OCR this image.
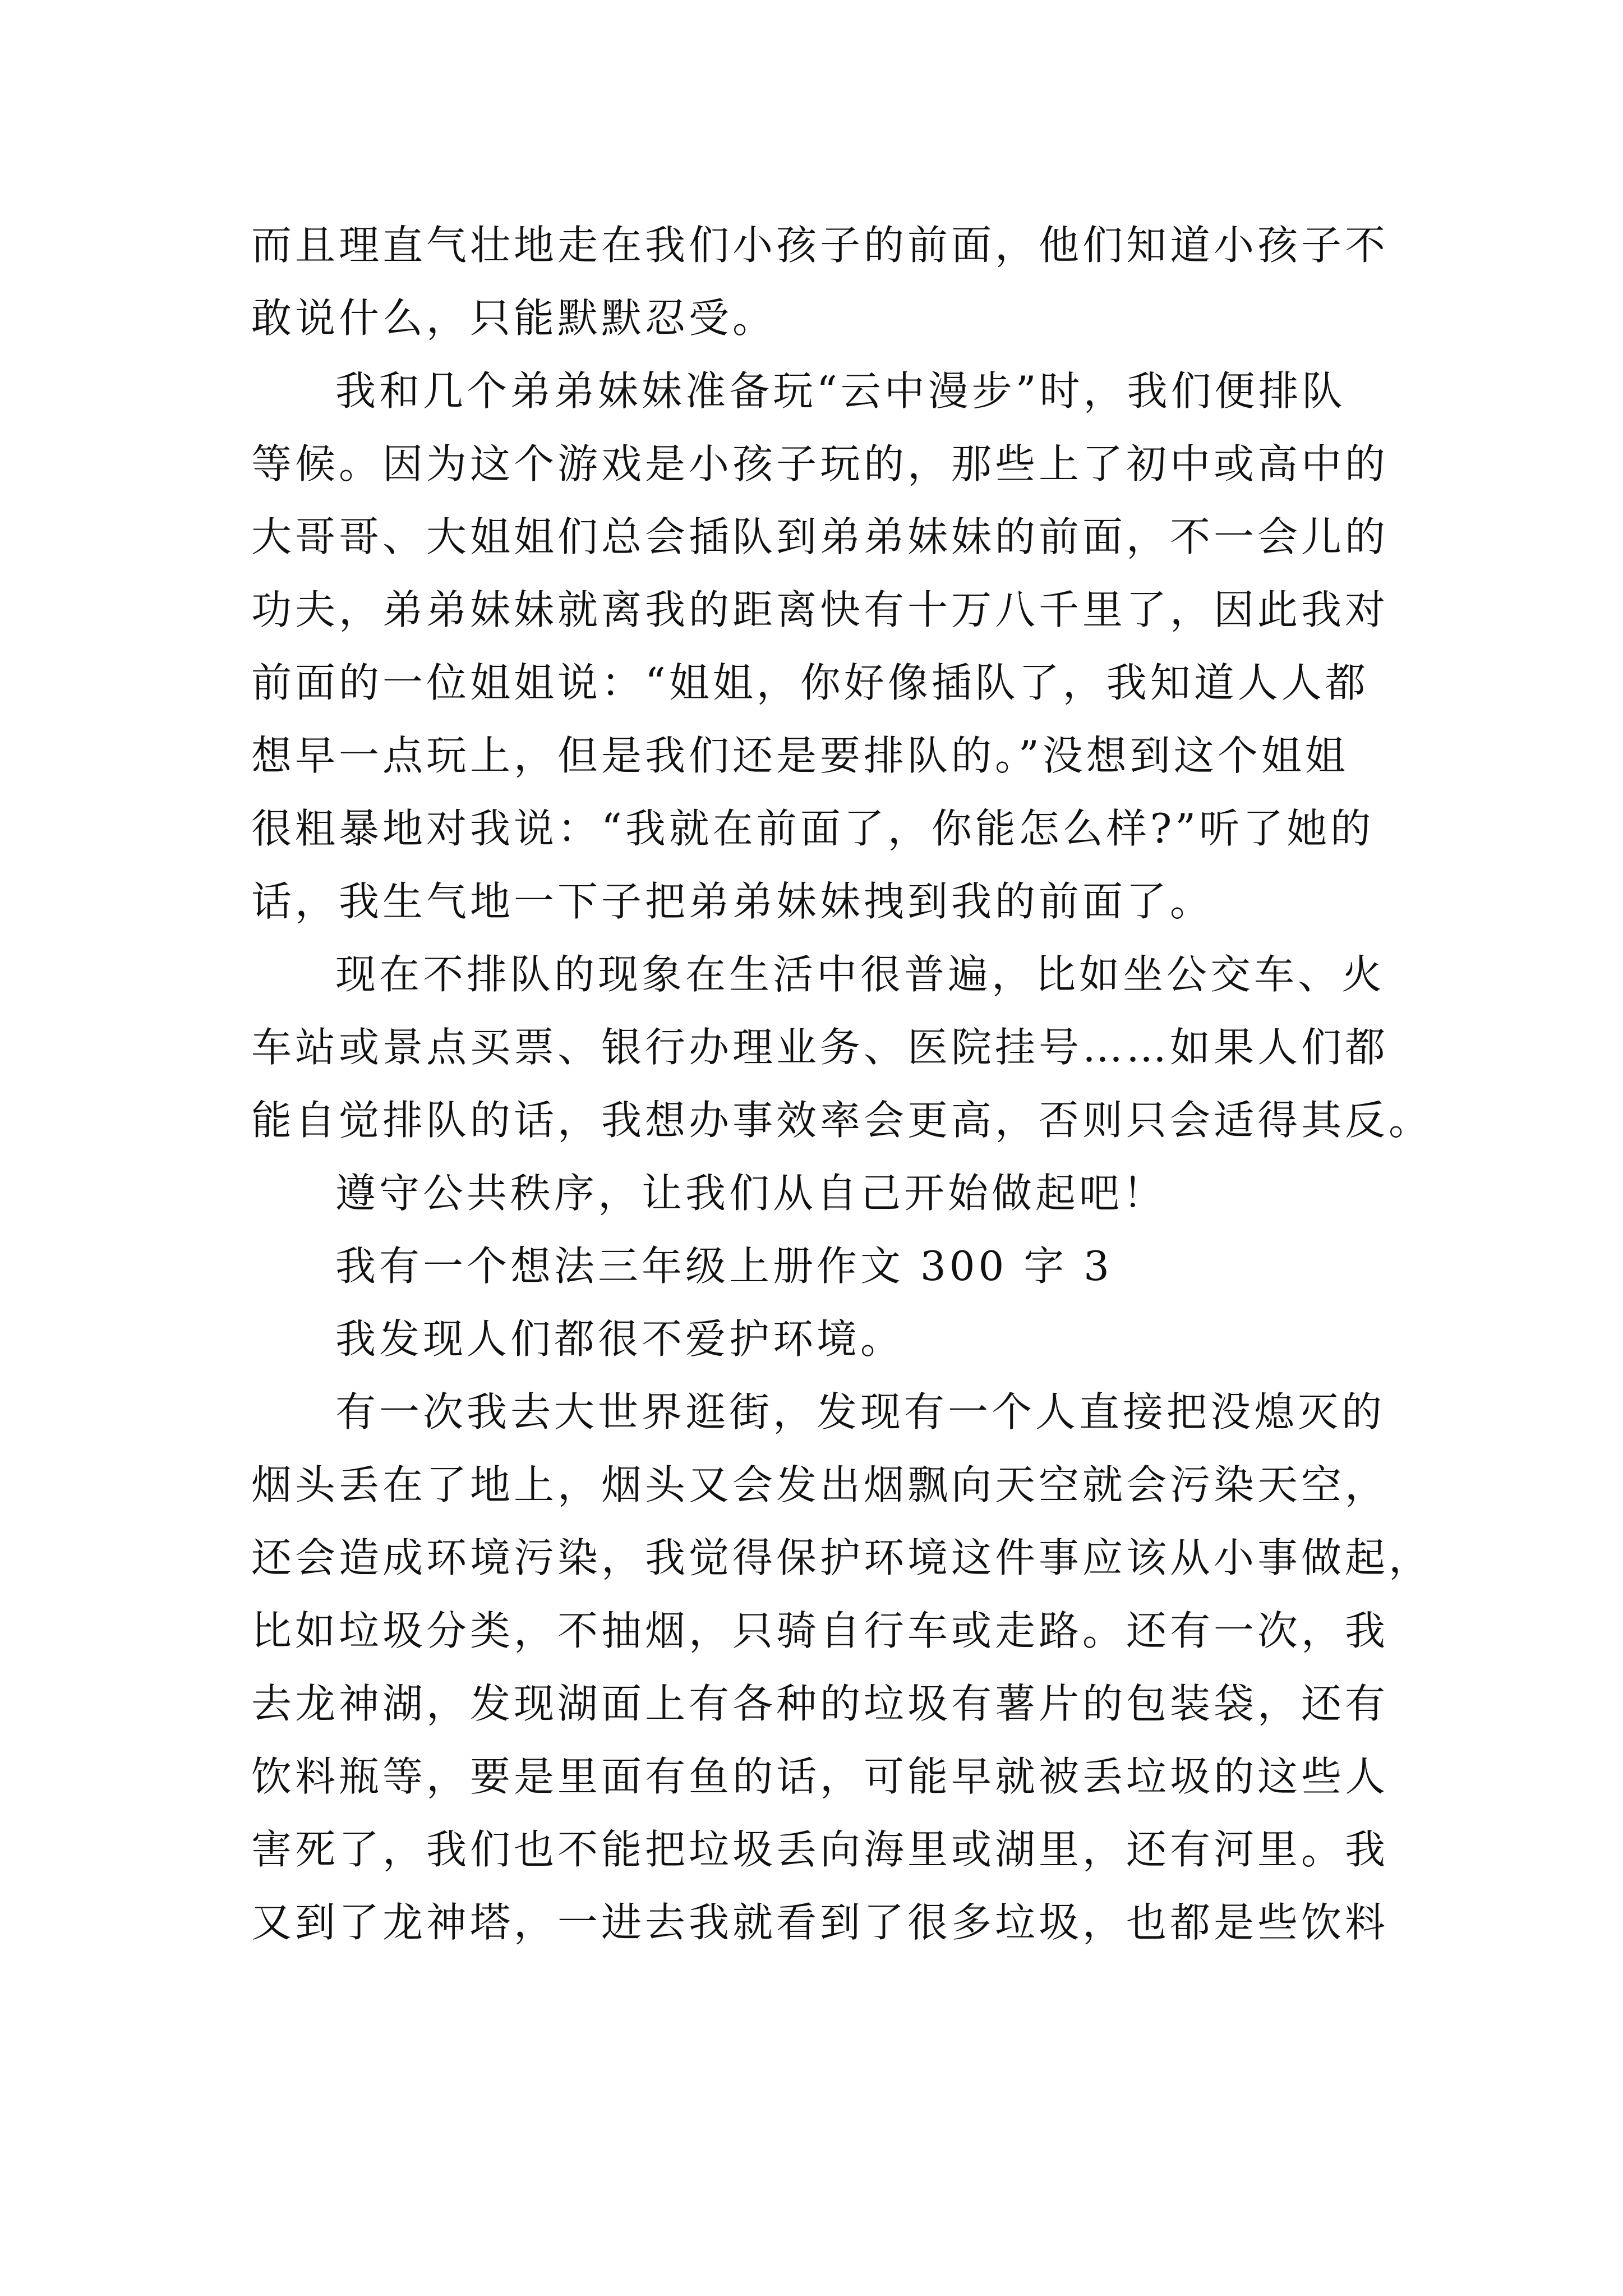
而且理直气壮地走在我们小孩子的前面，他们知道小孩子不
敢说什么，只能默默忍受。
我和几个弟弟妹妹准备玩“云中漫步”时，我们便排队
等候。因为这个游戏是小孩子玩的，那些上了初中或高中的
大哥哥、大姐姐们总会插队到弟弟妹妹的前面，不一会儿的
功夫，弟弟妹妹就离我的距离快有十万八千里了，因此我对
前面的一位姐姐说：“姐姐，你好像插队了，我知道人人都
想早一点玩上，但是我们还是要排队的。”没想到这个姐姐
很粗暴地对我说：“我就在前面了，你能怎么样?”听了她的
话，我生气地一下子把弟弟妹妹拽到我的前面了。
现在不排队的现象在生活中很普遍，比如坐公交车、火
车站或景点买票、银行办理业务、医院挂号……如果人们都
能自觉排队的话，我想办事效率会更高，否则只会适得其反。
遵守公共秩序，让我们从自己开始做起吧！
我有一个想法三年级上册作文 300 字 3
我发现人们都很不爱护环境。
有一次我去大世界逛街，发现有一个人直接把没熄灭的
烟头丢在了地上，烟头又会发出烟飘向天空就会污染天空，
还会造成环境污染，我觉得保护环境这件事应该从小事做起，
比如垃圾分类，不抽烟，只骑自行车或走路。还有一次，我
去龙神湖，发现湖面上有各种的垃圾有薯片的包装袋，还有
饮料瓶等，要是里面有鱼的话，可能早就被丢垃圾的这些人
害死了，我们也不能把垃圾丢向海里或湖里，还有河里。我
又到了龙神塔，一进去我就看到了很多垃圾，也都是些饮料
